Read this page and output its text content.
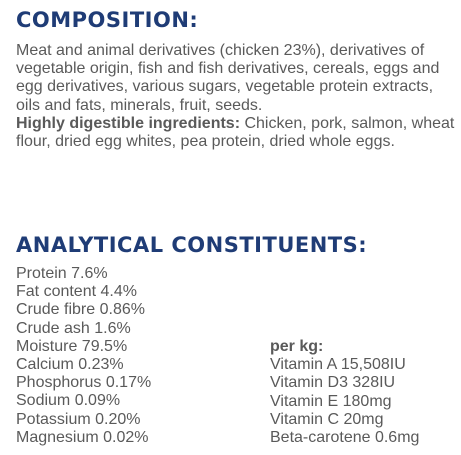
COMPOSITION:

Meat and animal derivatives (chicken 23%), derivatives of vegetable origin, fish and fish derivatives, cereals, eggs and egg derivatives, various sugars, vegetable protein extracts, oils and fats, minerals, fruit, seeds.

Highly digestible ingredients: Chicken, pork, salmon, wheat flour, dried egg whites, pea protein, dried whole eggs.

ANALYTICAL CONSTITUENTS:
Protein 7.6%
Fat content 4.4%
Crude fibre 0.86%
Crude ash 1.6%
Moisture 79.5%
Calcium 0.23%
Phosphorus 0.17%
Sodium 0.09%
Potassium 0.20%
Magnesium 0.02%
per kg:
Vitamin A 15,508IU
Vitamin D3 328IU
Vitamin E 180mg
Vitamin C 20mg
Beta-carotene 0.6mg
